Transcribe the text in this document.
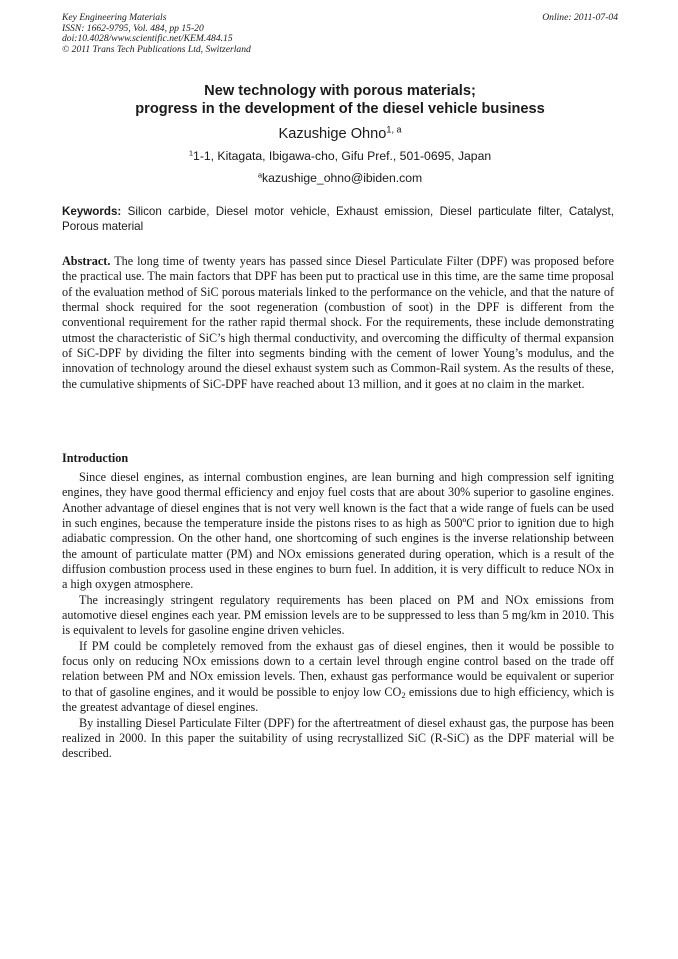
Key Engineering Materials
ISSN: 1662-9795, Vol. 484, pp 15-20
doi:10.4028/www.scientific.net/KEM.484.15
© 2011 Trans Tech Publications Ltd, Switzerland
Online: 2011-07-04
New technology with porous materials;
progress in the development of the diesel vehicle business
Kazushige Ohno$^{1, a}$
$^1$1-1, Kitagata, Ibigawa-cho, Gifu Pref., 501-0695, Japan
$^a$kazushige_ohno@ibiden.com
Keywords: Silicon carbide, Diesel motor vehicle, Exhaust emission, Diesel particulate filter, Catalyst, Porous material
Abstract. The long time of twenty years has passed since Diesel Particulate Filter (DPF) was proposed before the practical use. The main factors that DPF has been put to practical use in this time, are the same time proposal of the evaluation method of SiC porous materials linked to the performance on the vehicle, and that the nature of thermal shock required for the soot regeneration (combustion of soot) in the DPF is different from the conventional requirement for the rather rapid thermal shock. For the requirements, these include demonstrating utmost the characteristic of SiC’s high thermal conductivity, and overcoming the difficulty of thermal expansion of SiC-DPF by dividing the filter into segments binding with the cement of lower Young’s modulus, and the innovation of technology around the diesel exhaust system such as Common-Rail system. As the results of these, the cumulative shipments of SiC-DPF have reached about 13 million, and it goes at no claim in the market.
Introduction

Since diesel engines, as internal combustion engines, are lean burning and high compression self igniting engines, they have good thermal efficiency and enjoy fuel costs that are about 30% superior to gasoline engines. Another advantage of diesel engines that is not very well known is the fact that a wide range of fuels can be used in such engines, because the temperature inside the pistons rises to as high as 500ºC prior to ignition due to high adiabatic compression. On the other hand, one shortcoming of such engines is the inverse relationship between the amount of particulate matter (PM) and NOx emissions generated during operation, which is a result of the diffusion combustion process used in these engines to burn fuel. In addition, it is very difficult to reduce NOx in a high oxygen atmosphere.

The increasingly stringent regulatory requirements has been placed on PM and NOx emissions from automotive diesel engines each year. PM emission levels are to be suppressed to less than 5 mg/km in 2010. This is equivalent to levels for gasoline engine driven vehicles.

If PM could be completely removed from the exhaust gas of diesel engines, then it would be possible to focus only on reducing NOx emissions down to a certain level through engine control based on the trade off relation between PM and NOx emission levels. Then, exhaust gas performance would be equivalent or superior to that of gasoline engines, and it would be possible to enjoy low $CO_2$ emissions due to high efficiency, which is the greatest advantage of diesel engines.

By installing Diesel Particulate Filter (DPF) for the aftertreatment of diesel exhaust gas, the purpose has been realized in 2000. In this paper the suitability of using recrystallized SiC (R-SiC) as the DPF material will be described.
